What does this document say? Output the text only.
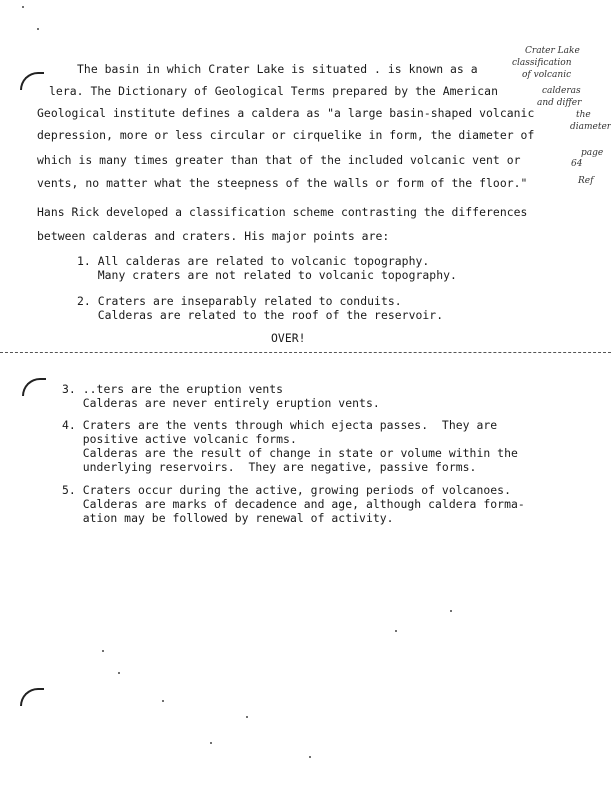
The basin in which Crater Lake is situated . is known as a
lera. The Dictionary of Geological Terms prepared by the American
Geological institute defines a caldera as "a large basin-shaped volcanic
depression, more or less circular or cirquelike in form, the diameter of
which is many times greater than that of the included volcanic vent or
vents, no matter what the steepness of the walls or form of the floor."
Hans Rick developed a classification scheme contrasting the differences
between calderas and craters. His major points are:
1. All calderas are related to volcanic topography.
Many craters are not related to volcanic topography.
2. Craters are inseparably related to conduits.
Calderas are related to the roof of the reservoir.
OVER!
3. ..ters are the eruption vents
Calderas are never entirely eruption vents.
4. Craters are the vents through which ejecta passes.  They are
positive active volcanic forms.
Calderas are the result of change in state or volume within the
underlying reservoirs.  They are negative, passive forms.
5. Craters occur during the active, growing periods of volcanoes.
Calderas are marks of decadence and age, although caldera forma-
ation may be followed by renewal of activity.
Crater Lake
classification
of volcanic
calderas
and differ
the
diameter
page
64
Ref
